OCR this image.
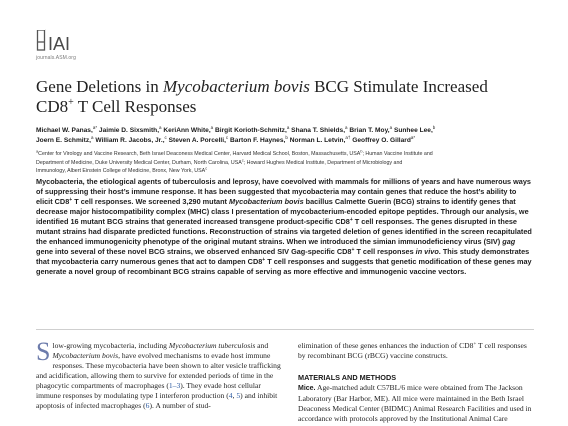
IAI
journals.ASM.org
Gene Deletions in Mycobacterium bovis BCG Stimulate Increased
CD8+ T Cell Responses
Michael W. Panas,$^{a*}$ Jaimie D. Sixsmith,$^a$ KeriAnn White,$^a$ Birgit Korioth-Schmitz,$^a$ Shana T. Shields,$^a$ Brian T. Moy,$^a$ Sunhee Lee,$^b$
Joern E. Schmitz,$^a$ William R. Jacobs, Jr.,$^c$ Steven A. Porcelli,$^c$ Barton F. Haynes,$^b$ Norman L. Letvin,$^{a\dagger}$ Geoffrey O. Gillard$^{a*}$
$^a$Center for Virology and Vaccine Research, Beth Israel Deaconess Medical Center, Harvard Medical School, Boston, Massachusetts, USA$^b$; Human Vaccine Institute and
Department of Medicine, Duke University Medical Center, Durham, North Carolina, USA$^c$; Howard Hughes Medical Institute, Department of Microbiology and
Immunology, Albert Einstein College of Medicine, Bronx, New York, USA$^c$

Mycobacteria, the etiological agents of tuberculosis and leprosy, have coevolved with mammals for millions of years and have numerous ways of suppressing their host’s immune response. It has been suggested that mycobacteria may contain genes that reduce the host’s ability to elicit CD8+ T cell responses. We screened 3,290 mutant Mycobacterium bovis bacillus Calmette Guerin (BCG) strains to identify genes that decrease major histocompatibility complex (MHC) class I presentation of mycobacterium-encoded epitope peptides. Through our analysis, we identified 16 mutant BCG strains that generated increased transgene product-specific CD8+ T cell responses. The genes disrupted in these mutant strains had disparate predicted functions. Reconstruction of strains via targeted deletion of genes identified in the screen recapitulated the enhanced immunogenicity phenotype of the original mutant strains. When we introduced the simian immunodeficiency virus (SIV) gag gene into several of these novel BCG strains, we observed enhanced SIV Gag-specific CD8+ T cell responses in vivo. This study demonstrates that mycobacteria carry numerous genes that act to dampen CD8+ T cell responses and suggests that genetic modification of these genes may generate a novel group of recombinant BCG strains capable of serving as more effective and immunogenic vaccine vectors.

Slow-growing mycobacteria, including Mycobacterium tuberculosis and Mycobacterium bovis, have evolved mechanisms to evade host immune responses. These mycobacteria have been shown to alter vesicle trafficking and acidification, allowing them to survive for extended periods of time in the phagocytic compartments of macrophages (1–3). They evade host cellular immune responses by modulating type I interferon production (4, 5) and inhibit apoptosis of infected macrophages (6). A number of stud-

elimination of these genes enhances the induction of CD8+ T cell responses by recombinant BCG (rBCG) vaccine constructs.

MATERIALS AND METHODS

Mice. Age-matched adult C57BL/6 mice were obtained from The Jackson Laboratory (Bar Harbor, ME). All mice were maintained in the Beth Israel Deaconess Medical Center (BIDMC) Animal Research Facilities and used in accordance with protocols approved by the Institutional Animal Care
